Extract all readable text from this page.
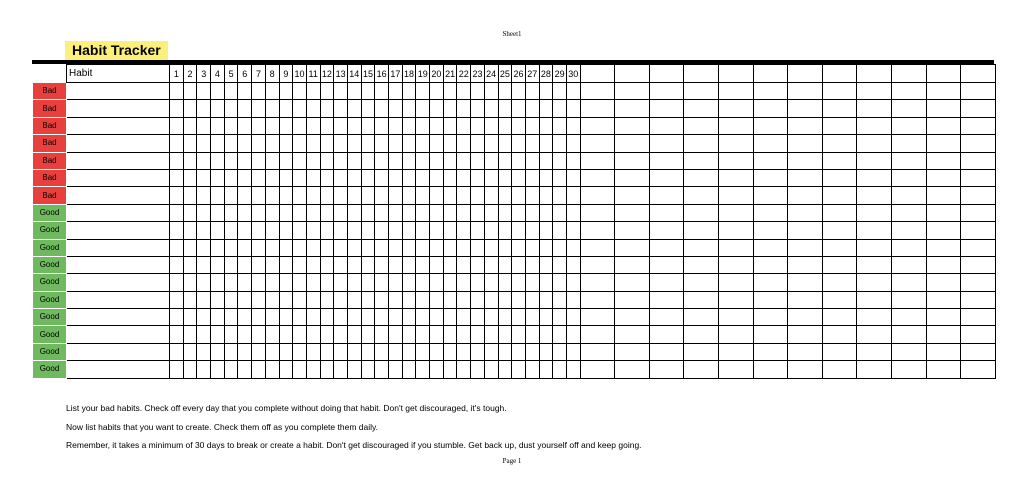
Sheet1
Habit Tracker
	Habit	1	2	3	4	5	6	7	8	9	10	11	12	13	14	15	16	17	18	19	20	21	22	23	24	25	26	27	28	29	30												
Bad																																											
Bad																																											
Bad																																											
Bad																																											
Bad																																											
Bad																																											
Bad																																											
Good																																											
Good																																											
Good																																											
Good																																											
Good																																											
Good																																											
Good																																											
Good																																											
Good																																											
Good																																											
List your bad habits. Check off every day that you complete without doing that habit. Don't get discouraged, it's tough.
Now list habits that you want to create. Check them off as you complete them daily.
Remember, it takes a minimum of 30 days to break or create a habit. Don't get discouraged if you stumble. Get back up, dust yourself off and keep going.
Page 1
